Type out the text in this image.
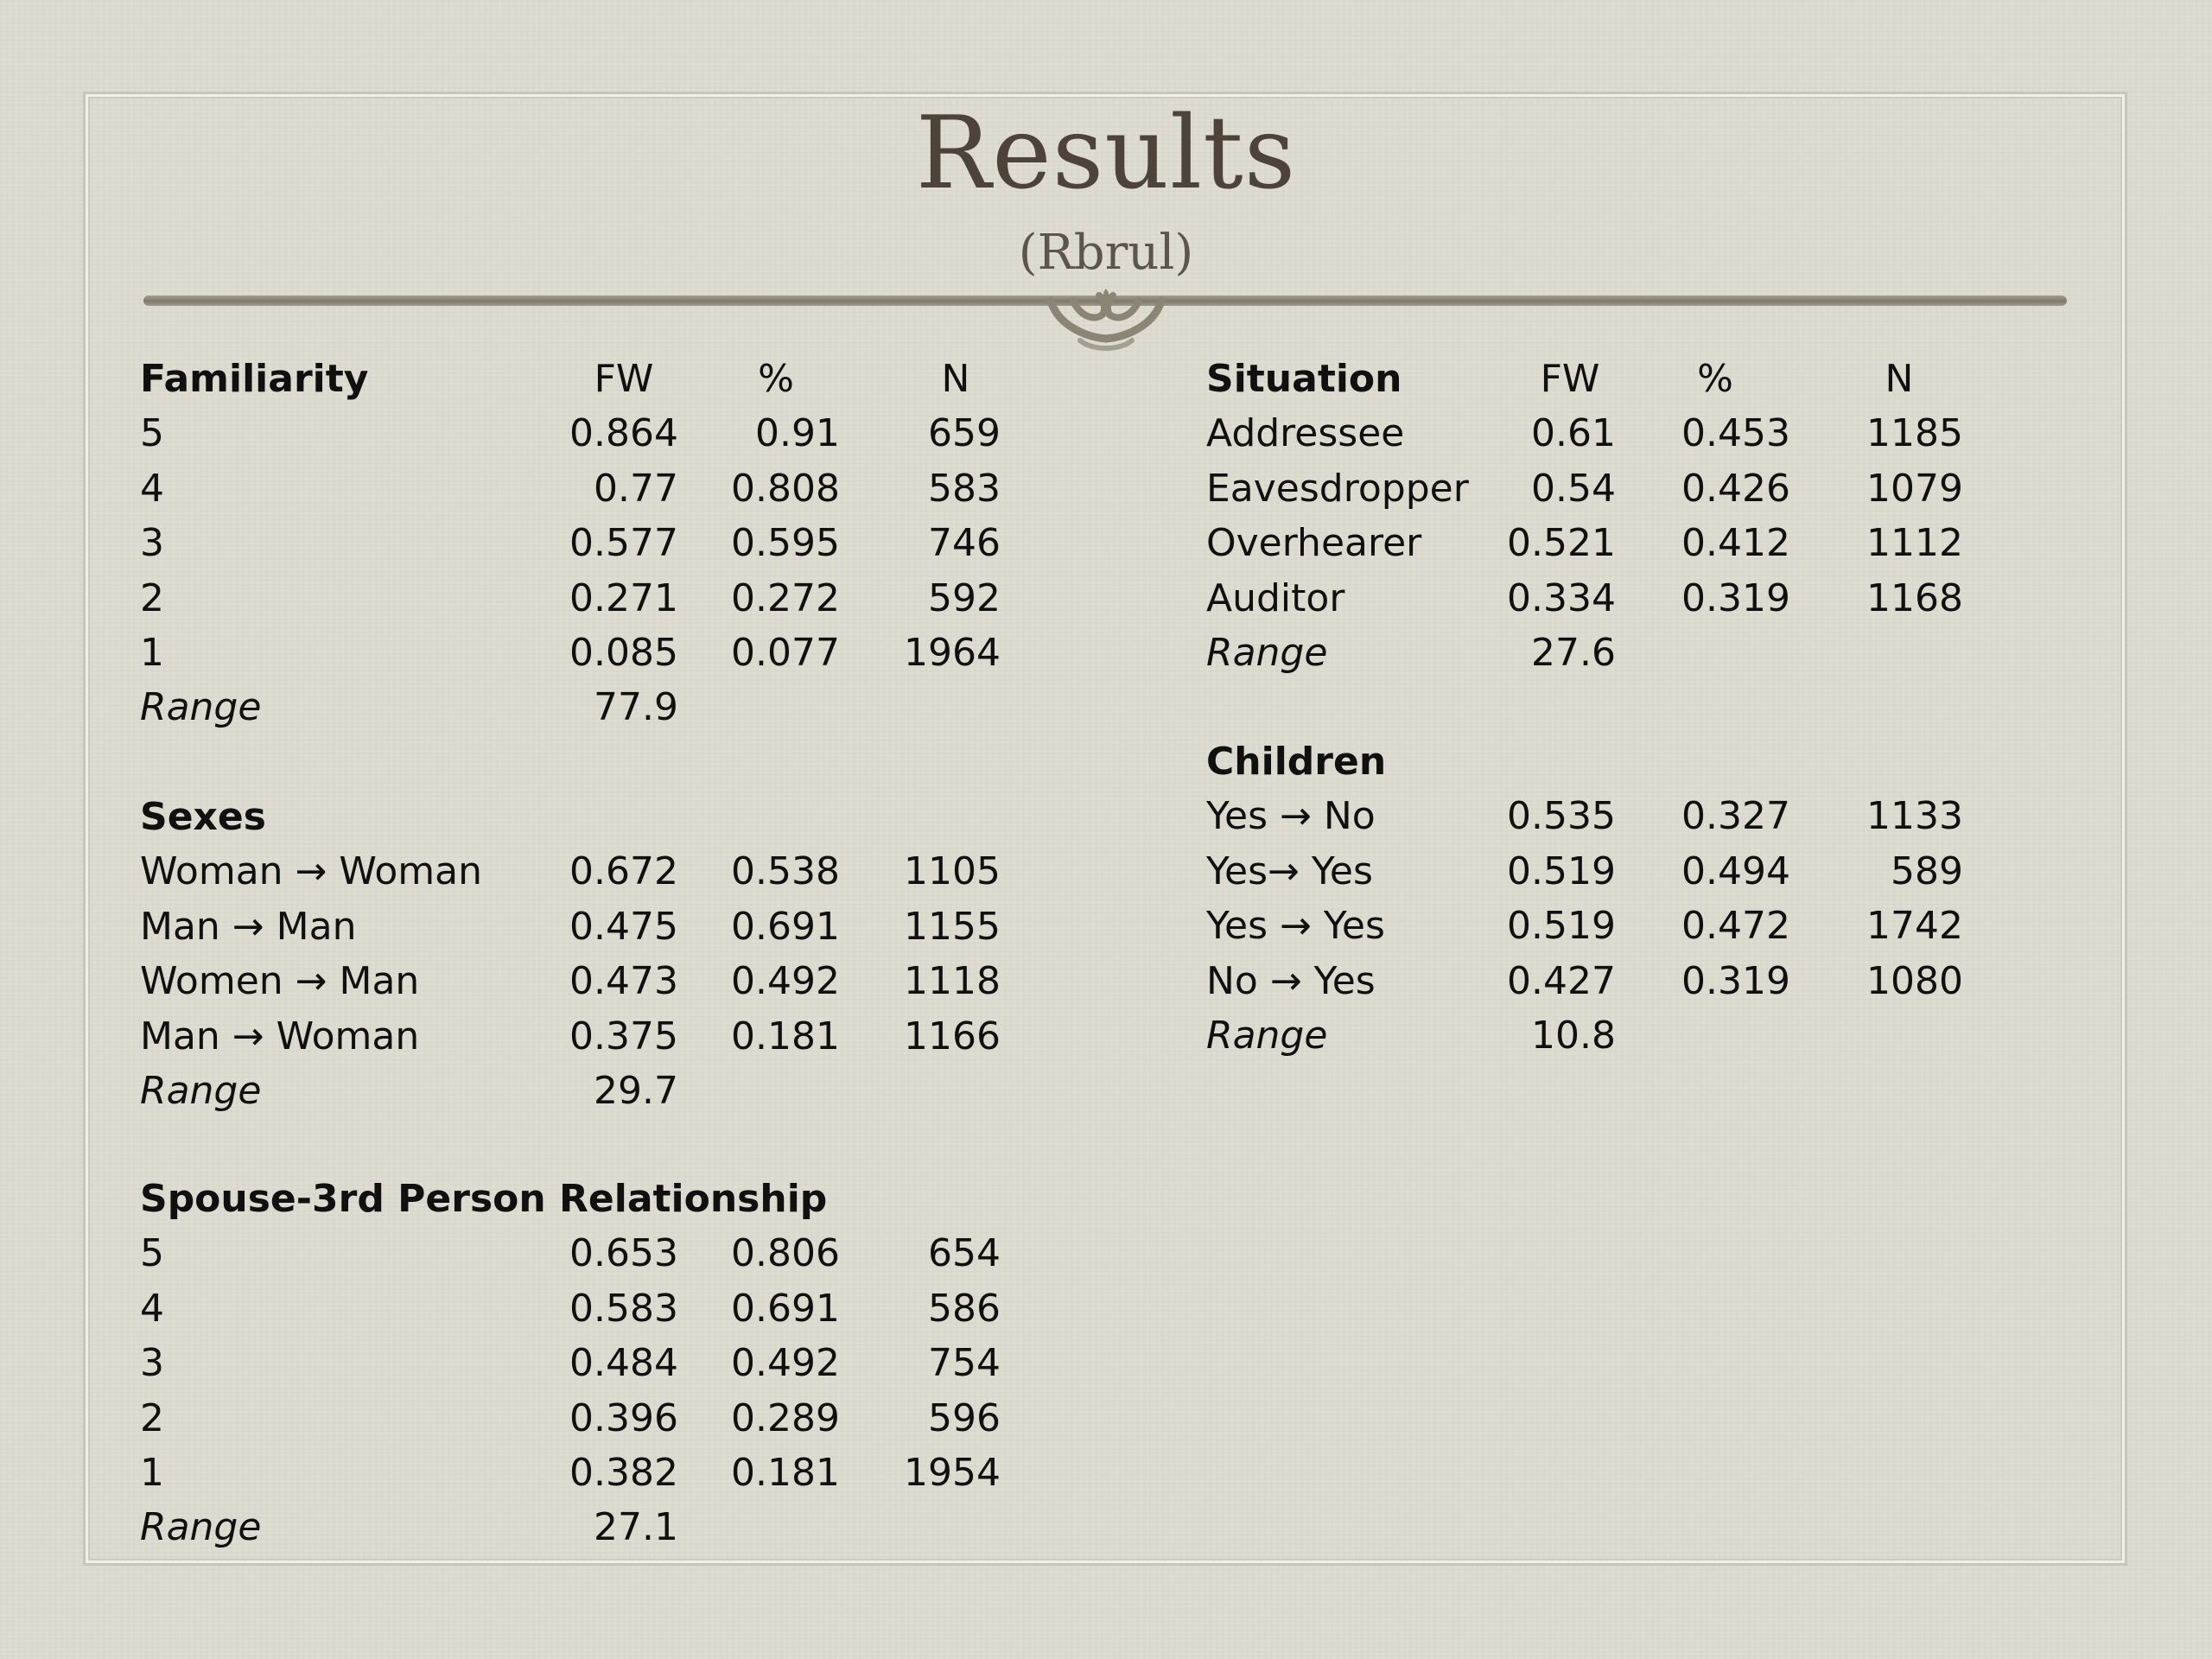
Results
(Rbrul)
Familiarity	FW	%	N
5	0.864	0.91	659
4	0.77	0.808	583
3	0.577	0.595	746
2	0.271	0.272	592
1	0.085	0.077	1964
Range	77.9
Sexes
Woman → Woman	0.672	0.538	1105
Man → Man	0.475	0.691	1155
Women → Man	0.473	0.492	1118
Man → Woman	0.375	0.181	1166
Range	29.7
Spouse-3rd Person Relationship
5	0.653	0.806	654
4	0.583	0.691	586
3	0.484	0.492	754
2	0.396	0.289	596
1	0.382	0.181	1954
Range	27.1
Situation	FW	%	N
Addressee	0.61	0.453	1185
Eavesdropper	0.54	0.426	1079
Overhearer	0.521	0.412	1112
Auditor	0.334	0.319	1168
Range	27.6
Children
Yes → No	0.535	0.327	1133
Yes→ Yes	0.519	0.494	589
Yes → Yes	0.519	0.472	1742
No → Yes	0.427	0.319	1080
Range	10.8
